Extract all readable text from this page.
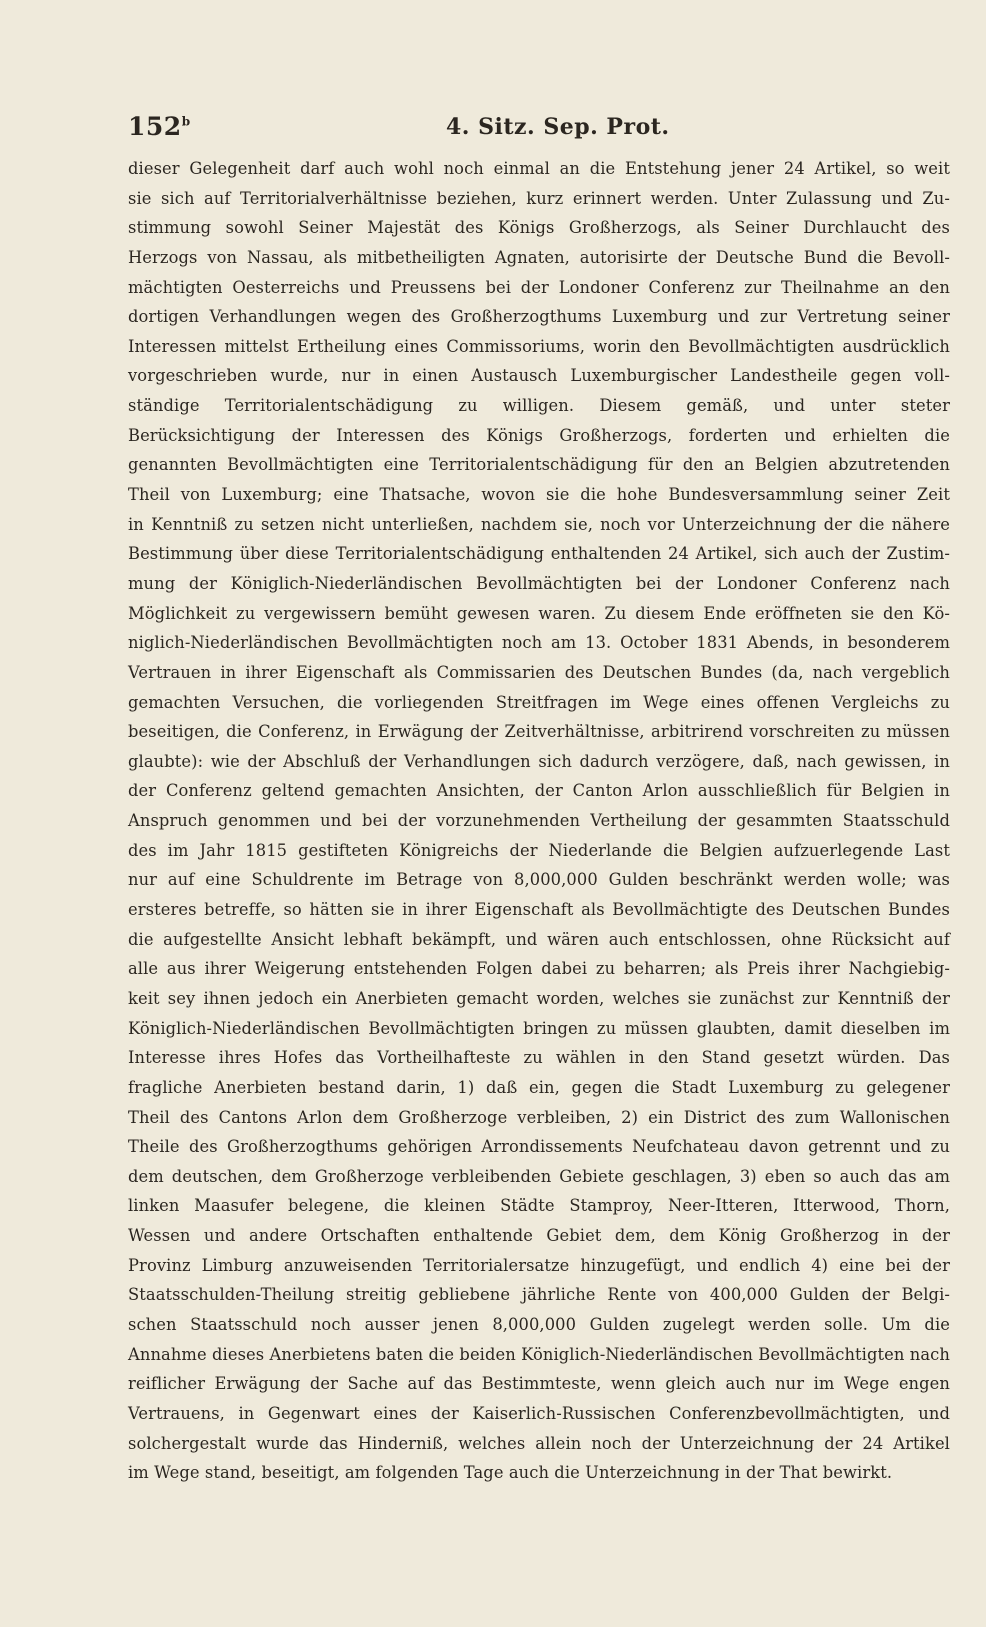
152$^b$	4. Sitz. Sep. Prot.
dieser Gelegenheit darf auch wohl noch einmal an die Entstehung jener 24 Artikel, so weit
sie sich auf Territorialverhältnisse beziehen, kurz erinnert werden. Unter Zulassung und Zu-
stimmung sowohl Seiner Majestät des Königs Großherzogs, als Seiner Durchlaucht des
Herzogs von Nassau, als mitbetheiligten Agnaten, autorisirte der Deutsche Bund die Bevoll-
mächtigten Oesterreichs und Preussens bei der Londoner Conferenz zur Theilnahme an den
dortigen Verhandlungen wegen des Großherzogthums Luxemburg und zur Vertretung seiner
Interessen mittelst Ertheilung eines Commissoriums, worin den Bevollmächtigten ausdrücklich
vorgeschrieben wurde, nur in einen Austausch Luxemburgischer Landestheile gegen voll-
ständige Territorialentschädigung zu willigen. Diesem gemäß, und unter steter
Berücksichtigung der Interessen des Königs Großherzogs, forderten und erhielten die
genannten Bevollmächtigten eine Territorialentschädigung für den an Belgien abzutretenden
Theil von Luxemburg; eine Thatsache, wovon sie die hohe Bundesversammlung seiner Zeit
in Kenntniß zu setzen nicht unterließen, nachdem sie, noch vor Unterzeichnung der die nähere
Bestimmung über diese Territorialentschädigung enthaltenden 24 Artikel, sich auch der Zustim-
mung der Königlich-Niederländischen Bevollmächtigten bei der Londoner Conferenz nach
Möglichkeit zu vergewissern bemüht gewesen waren. Zu diesem Ende eröffneten sie den Kö-
niglich-Niederländischen Bevollmächtigten noch am 13. October 1831 Abends, in besonderem
Vertrauen in ihrer Eigenschaft als Commissarien des Deutschen Bundes (da, nach vergeblich
gemachten Versuchen, die vorliegenden Streitfragen im Wege eines offenen Vergleichs zu
beseitigen, die Conferenz, in Erwägung der Zeitverhältnisse, arbitrirend vorschreiten zu müssen
glaubte): wie der Abschluß der Verhandlungen sich dadurch verzögere, daß, nach gewissen, in
der Conferenz geltend gemachten Ansichten, der Canton Arlon ausschließlich für Belgien in
Anspruch genommen und bei der vorzunehmenden Vertheilung der gesammten Staatsschuld
des im Jahr 1815 gestifteten Königreichs der Niederlande die Belgien aufzuerlegende Last
nur auf eine Schuldrente im Betrage von 8,000,000 Gulden beschränkt werden wolle; was
ersteres betreffe, so hätten sie in ihrer Eigenschaft als Bevollmächtigte des Deutschen Bundes
die aufgestellte Ansicht lebhaft bekämpft, und wären auch entschlossen, ohne Rücksicht auf
alle aus ihrer Weigerung entstehenden Folgen dabei zu beharren; als Preis ihrer Nachgiebig-
keit sey ihnen jedoch ein Anerbieten gemacht worden, welches sie zunächst zur Kenntniß der
Königlich-Niederländischen Bevollmächtigten bringen zu müssen glaubten, damit dieselben im
Interesse ihres Hofes das Vortheilhafteste zu wählen in den Stand gesetzt würden. Das
fragliche Anerbieten bestand darin, 1) daß ein, gegen die Stadt Luxemburg zu gelegener
Theil des Cantons Arlon dem Großherzoge verbleiben, 2) ein District des zum Wallonischen
Theile des Großherzogthums gehörigen Arrondissements Neufchateau davon getrennt und zu
dem deutschen, dem Großherzoge verbleibenden Gebiete geschlagen, 3) eben so auch das am
linken Maasufer belegene, die kleinen Städte Stamproy, Neer-Itteren, Itterwood, Thorn,
Wessen und andere Ortschaften enthaltende Gebiet dem, dem König Großherzog in der
Provinz Limburg anzuweisenden Territorialersatze hinzugefügt, und endlich 4) eine bei der
Staatsschulden-Theilung streitig gebliebene jährliche Rente von 400,000 Gulden der Belgi-
schen Staatsschuld noch ausser jenen 8,000,000 Gulden zugelegt werden solle. Um die
Annahme dieses Anerbietens baten die beiden Königlich-Niederländischen Bevollmächtigten nach
reiflicher Erwägung der Sache auf das Bestimmteste, wenn gleich auch nur im Wege engen
Vertrauens, in Gegenwart eines der Kaiserlich-Russischen Conferenzbevollmächtigten, und
solchergestalt wurde das Hinderniß, welches allein noch der Unterzeichnung der 24 Artikel
im Wege stand, beseitigt, am folgenden Tage auch die Unterzeichnung in der That bewirkt.
